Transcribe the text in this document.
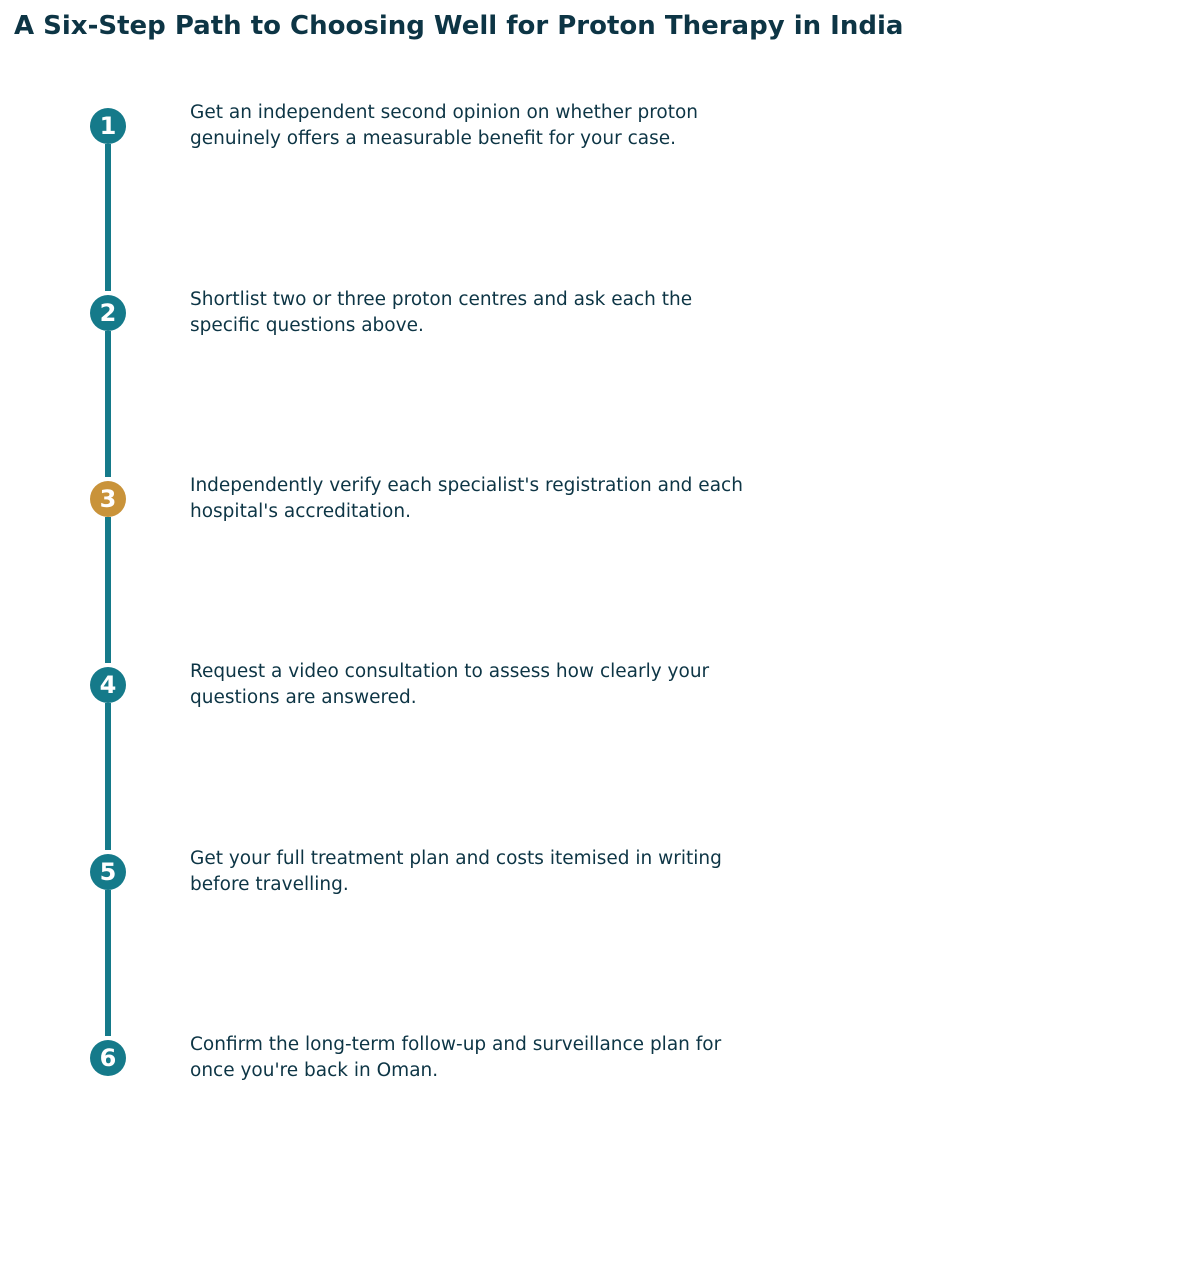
A Six-Step Path to Choosing Well for Proton Therapy in India
1	Get an independent second opinion on whether proton genuinely offers a measurable benefit for your case.

2	Shortlist two or three proton centres and ask each the specific questions above.

3	Independently verify each specialist's registration and each hospital's accreditation.

4	Request a video consultation to assess how clearly your questions are answered.

5	Get your full treatment plan and costs itemised in writing before travelling.

6	Confirm the long-term follow-up and surveillance plan for once you're back in Oman.
